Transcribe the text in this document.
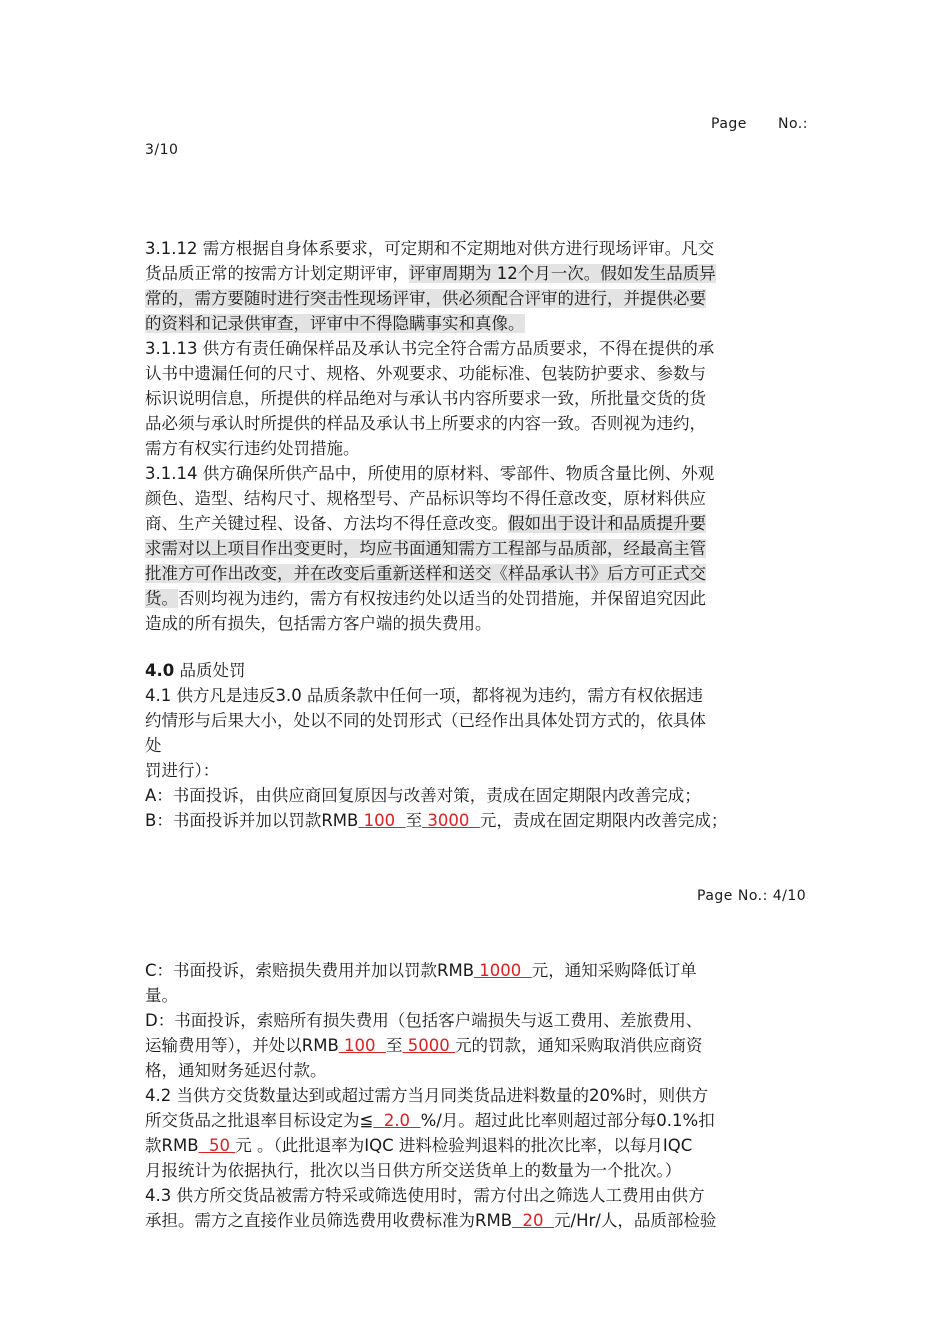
Page No.:
3/10
3.1.12 需方根据自身体系要求，可定期和不定期地对供方进行现场评审。凡交
货品质正常的按需方计划定期评审，评审周期为 12个月一次。假如发生品质异
常的，需方要随时进行突击性现场评审，供必须配合评审的进行，并提供必要
的资料和记录供审查，评审中不得隐瞒事实和真像。
3.1.13 供方有责任确保样品及承认书完全符合需方品质要求，不得在提供的承
认书中遗漏任何的尺寸、规格、外观要求、功能标准、包装防护要求、参数与
标识说明信息，所提供的样品绝对与承认书内容所要求一致，所批量交货的货
品必须与承认时所提供的样品及承认书上所要求的内容一致。否则视为违约，
需方有权实行违约处罚措施。
3.1.14 供方确保所供产品中，所使用的原材料、零部件、物质含量比例、外观
颜色、造型、结构尺寸、规格型号、产品标识等均不得任意改变，原材料供应
商、生产关键过程、设备、方法均不得任意改变。假如出于设计和品质提升要
求需对以上项目作出变更时，均应书面通知需方工程部与品质部，经最高主管
批准方可作出改变，并在改变后重新送样和送交《样品承认书》后方可正式交
货。否则均视为违约，需方有权按违约处以适当的处罚措施，并保留追究因此
造成的所有损失，包括需方客户端的损失费用。
4.0 品质处罚
4.1 供方凡是违反3.0 品质条款中任何一项，都将视为违约，需方有权依据违
约情形与后果大小，处以不同的处罚形式（已经作出具体处罚方式的，依具体
处
罚进行）：
A：书面投诉，由供应商回复原因与改善对策，责成在固定期限内改善完成；
B：书面投诉并加以罚款RMB 100  至 3000  元，责成在固定期限内改善完成；
Page No.: 4/10
C：书面投诉，索赔损失费用并加以罚款RMB 1000  元，通知采购降低订单
量。
D：书面投诉，索赔所有损失费用（包括客户端损失与返工费用、差旅费用、
运输费用等），并处以RMB 100  至 5000 元的罚款，通知采购取消供应商资
格，通知财务延迟付款。
4.2 当供方交货数量达到或超过需方当月同类货品进料数量的20%时，则供方
所交货品之批退率目标设定为≦  2.0  %/月。超过此比率则超过部分每0.1%扣
款RMB  50 元 。（此批退率为IQC 进料检验判退料的批次比率，以每月IQC
月报统计为依据执行，批次以当日供方所交送货单上的数量为一个批次。）
4.3 供方所交货品被需方特采或筛选使用时，需方付出之筛选人工费用由供方
承担。需方之直接作业员筛选费用收费标准为RMB  20  元/Hr/人，品质部检验
